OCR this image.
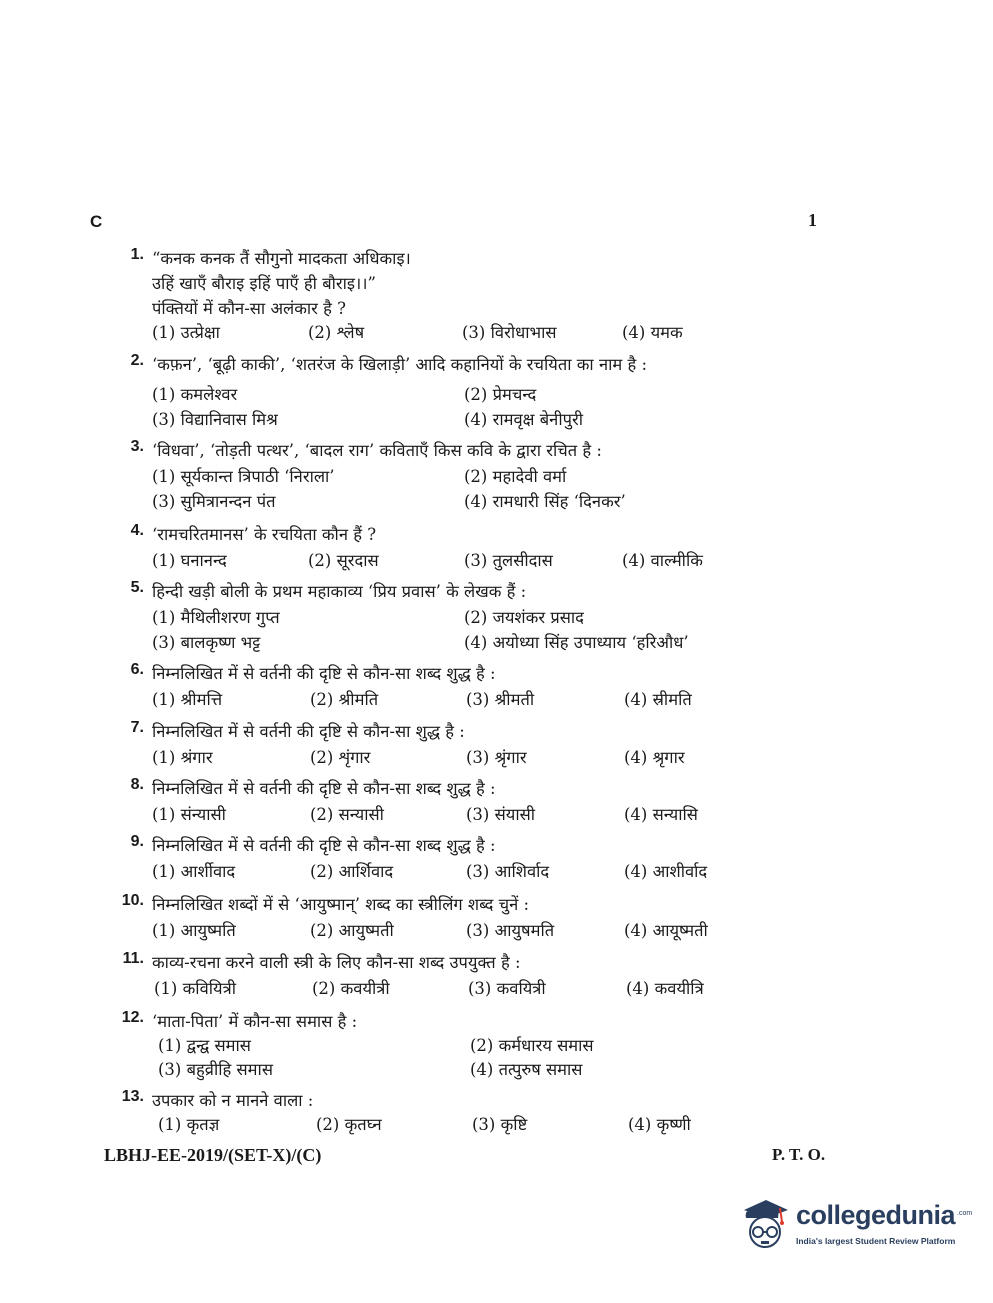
C	1
1. “कनक कनक तैं सौगुनो मादकता अधिकाइ।
उहिं खाएँ बौराइ इहिं पाएँ ही बौराइ।।”
पंक्तियों में कौन-सा अलंकार है ?
(1) उत्प्रेक्षा	(2) श्लेष	(3) विरोधाभास	(4) यमक
2. ‘कफ़न’, ‘बूढ़ी काकी’, ‘शतरंज के खिलाड़ी’ आदि कहानियों के रचयिता का नाम है :
(1) कमलेश्वर	(2) प्रेमचन्द
(3) विद्यानिवास मिश्र	(4) रामवृक्ष बेनीपुरी
3. ‘विधवा’, ‘तोड़ती पत्थर’, ‘बादल राग’ कविताएँ किस कवि के द्वारा रचित है :
(1) सूर्यकान्त त्रिपाठी ‘निराला’	(2) महादेवी वर्मा
(3) सुमित्रानन्दन पंत	(4) रामधारी सिंह ‘दिनकर’
4. ‘रामचरितमानस’ के रचयिता कौन हैं ?
(1) घनानन्द	(2) सूरदास	(3) तुलसीदास	(4) वाल्मीकि
5. हिन्दी खड़ी बोली के प्रथम महाकाव्य ‘प्रिय प्रवास’ के लेखक हैं :
(1) मैथिलीशरण गुप्त	(2) जयशंकर प्रसाद
(3) बालकृष्ण भट्ट	(4) अयोध्या सिंह उपाध्याय ‘हरिऔध’
6. निम्नलिखित में से वर्तनी की दृष्टि से कौन-सा शब्द शुद्ध है :
(1) श्रीमत्ति	(2) श्रीमति	(3) श्रीमती	(4) स्रीमति
7. निम्नलिखित में से वर्तनी की दृष्टि से कौन-सा शुद्ध है :
(1) श्रंगार	(2) शृंगार	(3) श्रृंगार	(4) श्रृगार
8. निम्नलिखित में से वर्तनी की दृष्टि से कौन-सा शब्द शुद्ध है :
(1) संन्यासी	(2) सन्यासी	(3) संयासी	(4) सन्यासि
9. निम्नलिखित में से वर्तनी की दृष्टि से कौन-सा शब्द शुद्ध है :
(1) आर्शीवाद	(2) आर्शिवाद	(3) आशिर्वाद	(4) आशीर्वाद
10. निम्नलिखित शब्दों में से ‘आयुष्मान्’ शब्द का स्त्रीलिंग शब्द चुनें :
(1) आयुष्मति	(2) आयुष्मती	(3) आयुषमति	(4) आयूष्मती
11. काव्य-रचना करने वाली स्त्री के लिए कौन-सा शब्द उपयुक्त है :
(1) कवियित्री	(2) कवयीत्री	(3) कवयित्री	(4) कवयीत्रि
12. ‘माता-पिता’ में कौन-सा समास है :
(1) द्वन्द्व समास	(2) कर्मधारय समास
(3) बहुव्रीहि समास	(4) तत्पुरुष समास
13. उपकार को न मानने वाला :
(1) कृतज्ञ	(2) कृतघ्न	(3) कृष्टि	(4) कृष्णी
LBHJ-EE-2019/(SET-X)/(C)	P. T. O.
collegedunia .com
India's largest Student Review Platform
